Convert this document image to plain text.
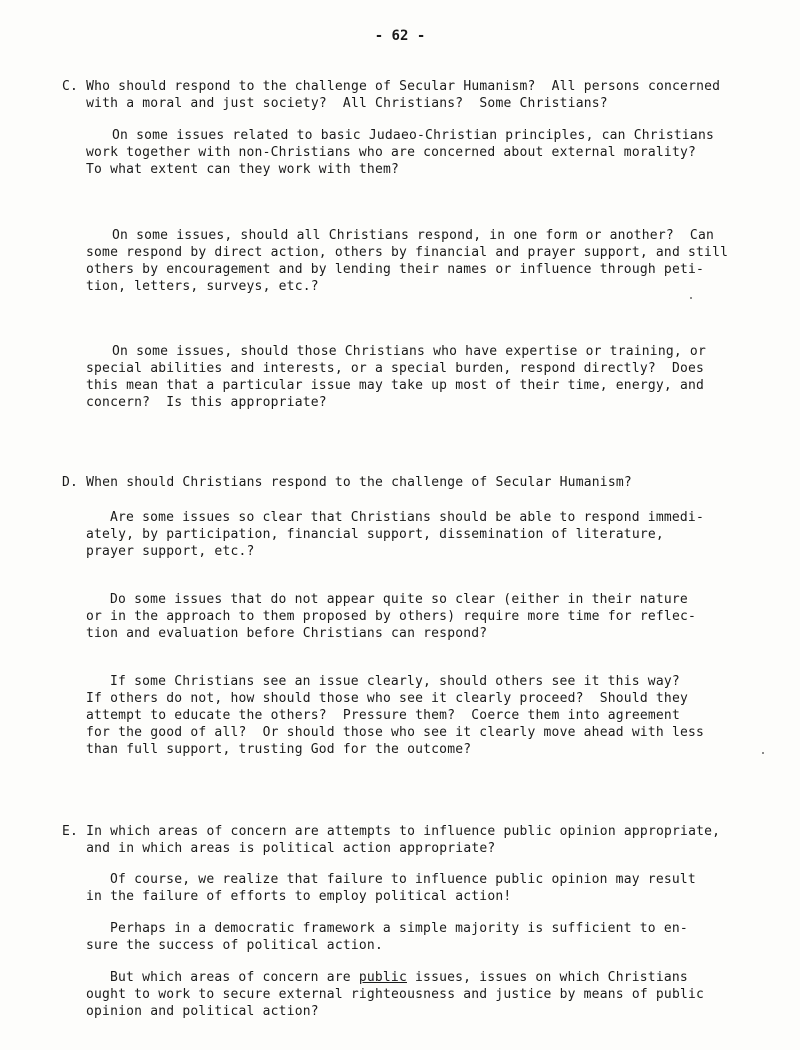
- 62 -
C. Who should respond to the challenge of Secular Humanism?  All persons concerned
with a moral and just society?  All Christians?  Some Christians?
On some issues related to basic Judaeo-Christian principles, can Christians
work together with non-Christians who are concerned about external morality?
To what extent can they work with them?
On some issues, should all Christians respond, in one form or another?  Can
some respond by direct action, others by financial and prayer support, and still
others by encouragement and by lending their names or influence through peti-
tion, letters, surveys, etc.?
On some issues, should those Christians who have expertise or training, or
special abilities and interests, or a special burden, respond directly?  Does
this mean that a particular issue may take up most of their time, energy, and
concern?  Is this appropriate?
D. When should Christians respond to the challenge of Secular Humanism?
Are some issues so clear that Christians should be able to respond immedi-
ately, by participation, financial support, dissemination of literature,
prayer support, etc.?
Do some issues that do not appear quite so clear (either in their nature
or in the approach to them proposed by others) require more time for reflec-
tion and evaluation before Christians can respond?
If some Christians see an issue clearly, should others see it this way?
If others do not, how should those who see it clearly proceed?  Should they
attempt to educate the others?  Pressure them?  Coerce them into agreement
for the good of all?  Or should those who see it clearly move ahead with less
than full support, trusting God for the outcome?
E. In which areas of concern are attempts to influence public opinion appropriate,
and in which areas is political action appropriate?
Of course, we realize that failure to influence public opinion may result
in the failure of efforts to employ political action!
Perhaps in a democratic framework a simple majority is sufficient to en-
sure the success of political action.
But which areas of concern are public issues, issues on which Christians
ought to work to secure external righteousness and justice by means of public
opinion and political action?
